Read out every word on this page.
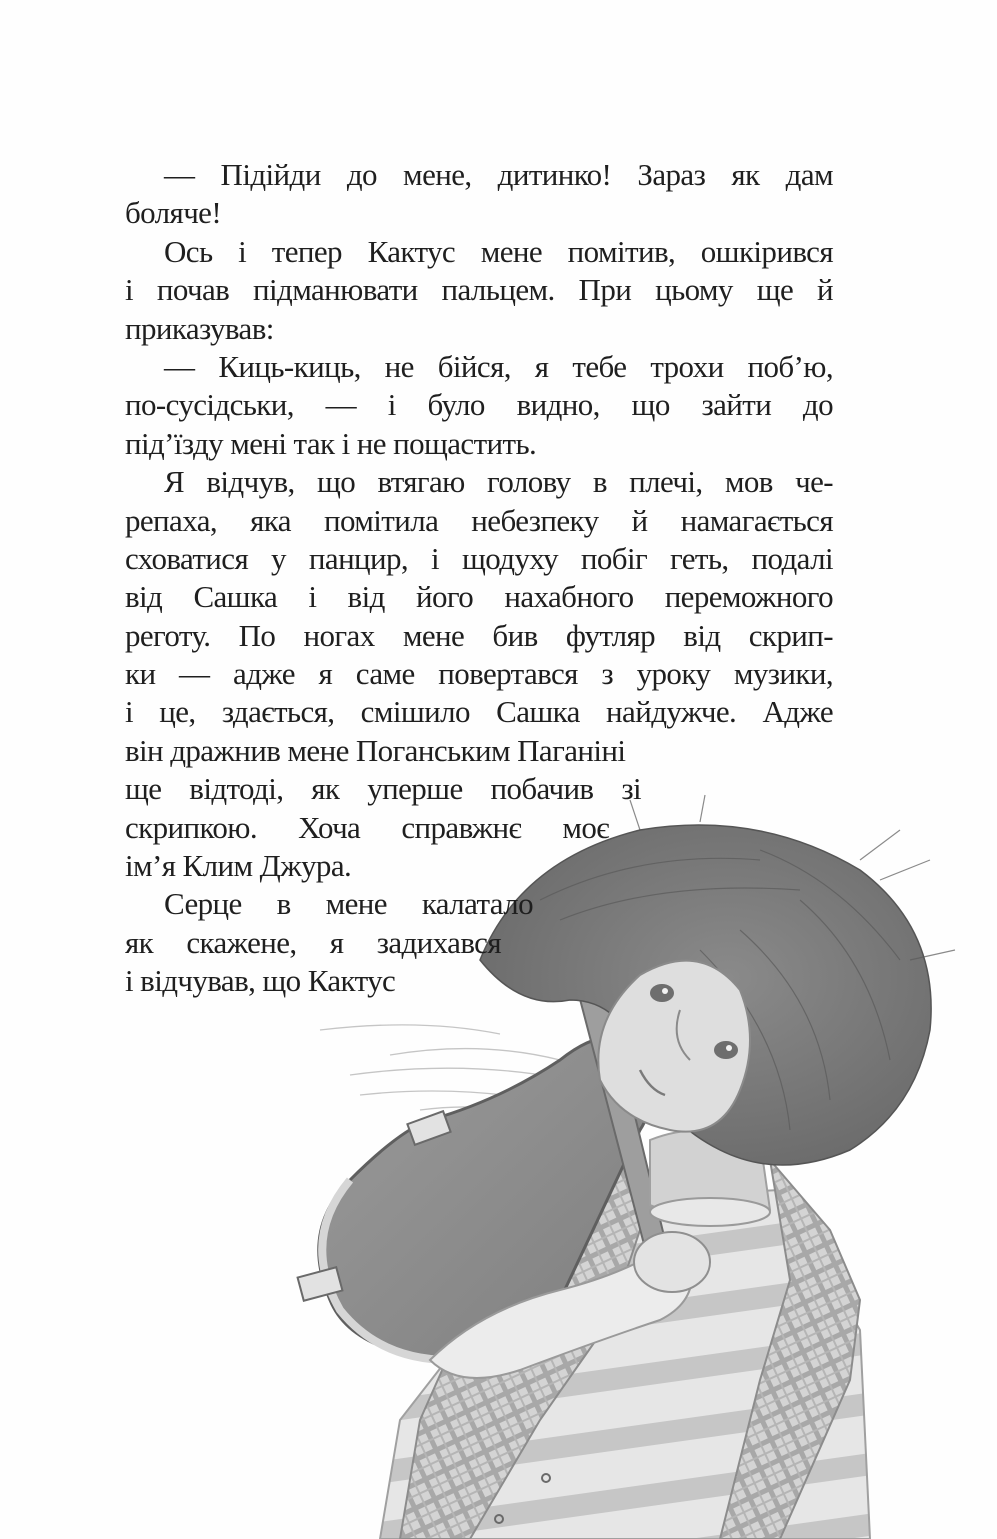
— Підійди до мене, дитинко! Зараз як дам
боляче!
Ось і тепер Кактус мене помітив, ошкірився
і почав підманювати пальцем. При цьому ще й
приказував:
— Киць-киць, не бійся, я тебе трохи поб’ю,
по-сусідськи, — і було видно, що зайти до
під’їзду мені так і не пощастить.
Я відчув, що втягаю голову в плечі, мов че-
репаха, яка помітила небезпеку й намагається
сховатися у панцир, і щодуху побіг геть, подалі
від Сашка і від його нахабного переможного
реготу. По ногах мене бив футляр від скрип-
ки — адже я саме повертався з уроку музики,
і це, здається, смішило Сашка найдужче. Адже
він дражнив мене Поганським Паганіні
ще відтоді, як уперше побачив зі
скрипкою. Хоча справжнє моє
ім’я Клим Джура.
Серце в мене калатало
як скажене, я задихався
і відчував, що Кактус
